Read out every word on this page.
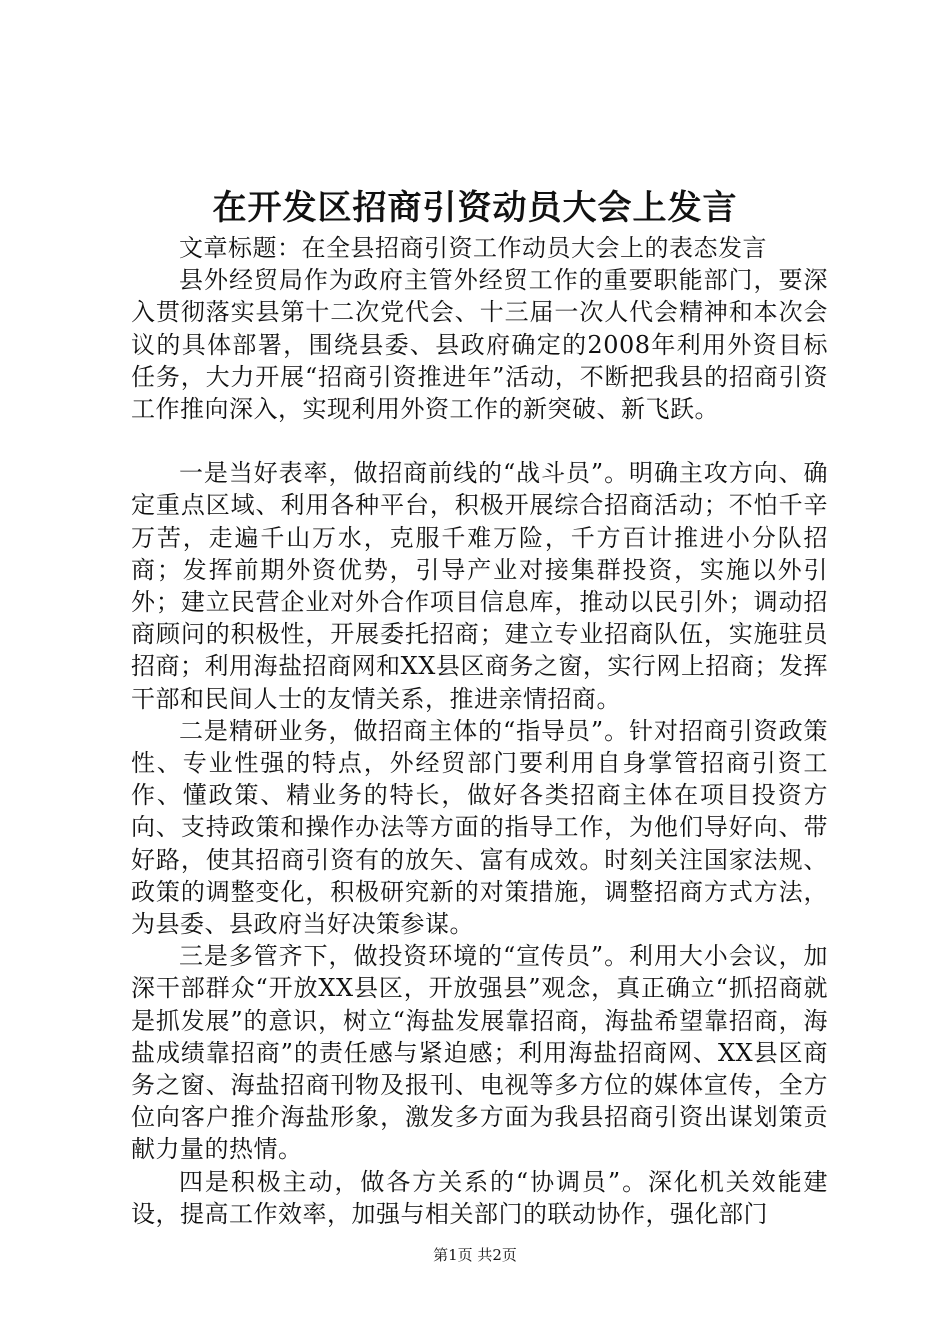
在开发区招商引资动员大会上发言

文章标题：在全县招商引资工作动员大会上的表态发言

县外经贸局作为政府主管外经贸工作的重要职能部门，要深入贯彻落实县第十二次党代会、十三届一次人代会精神和本次会议的具体部署，围绕县委、县政府确定的2008年利用外资目标任务，大力开展“招商引资推进年”活动，不断把我县的招商引资工作推向深入，实现利用外资工作的新突破、新飞跃。

一是当好表率，做招商前线的“战斗员”。明确主攻方向、确定重点区域、利用各种平台，积极开展综合招商活动；不怕千辛万苦，走遍千山万水，克服千难万险，千方百计推进小分队招商；发挥前期外资优势，引导产业对接集群投资，实施以外引外；建立民营企业对外合作项目信息库，推动以民引外；调动招商顾问的积极性，开展委托招商；建立专业招商队伍，实施驻员招商；利用海盐招商网和XX县区商务之窗，实行网上招商；发挥干部和民间人士的友情关系，推进亲情招商。

二是精研业务，做招商主体的“指导员”。针对招商引资政策性、专业性强的特点，外经贸部门要利用自身掌管招商引资工作、懂政策、精业务的特长，做好各类招商主体在项目投资方向、支持政策和操作办法等方面的指导工作，为他们导好向、带好路，使其招商引资有的放矢、富有成效。时刻关注国家法规、政策的调整变化，积极研究新的对策措施，调整招商方式方法，为县委、县政府当好决策参谋。

三是多管齐下，做投资环境的“宣传员”。利用大小会议，加深干部群众“开放XX县区，开放强县”观念，真正确立“抓招商就是抓发展”的意识，树立“海盐发展靠招商，海盐希望靠招商，海盐成绩靠招商”的责任感与紧迫感；利用海盐招商网、XX县区商务之窗、海盐招商刊物及报刊、电视等多方位的媒体宣传，全方位向客户推介海盐形象，激发多方面为我县招商引资出谋划策贡献力量的热情。

四是积极主动，做各方关系的“协调员”。深化机关效能建设，提高工作效率，加强与相关部门的联动协作，强化部门

第1页 共2页
